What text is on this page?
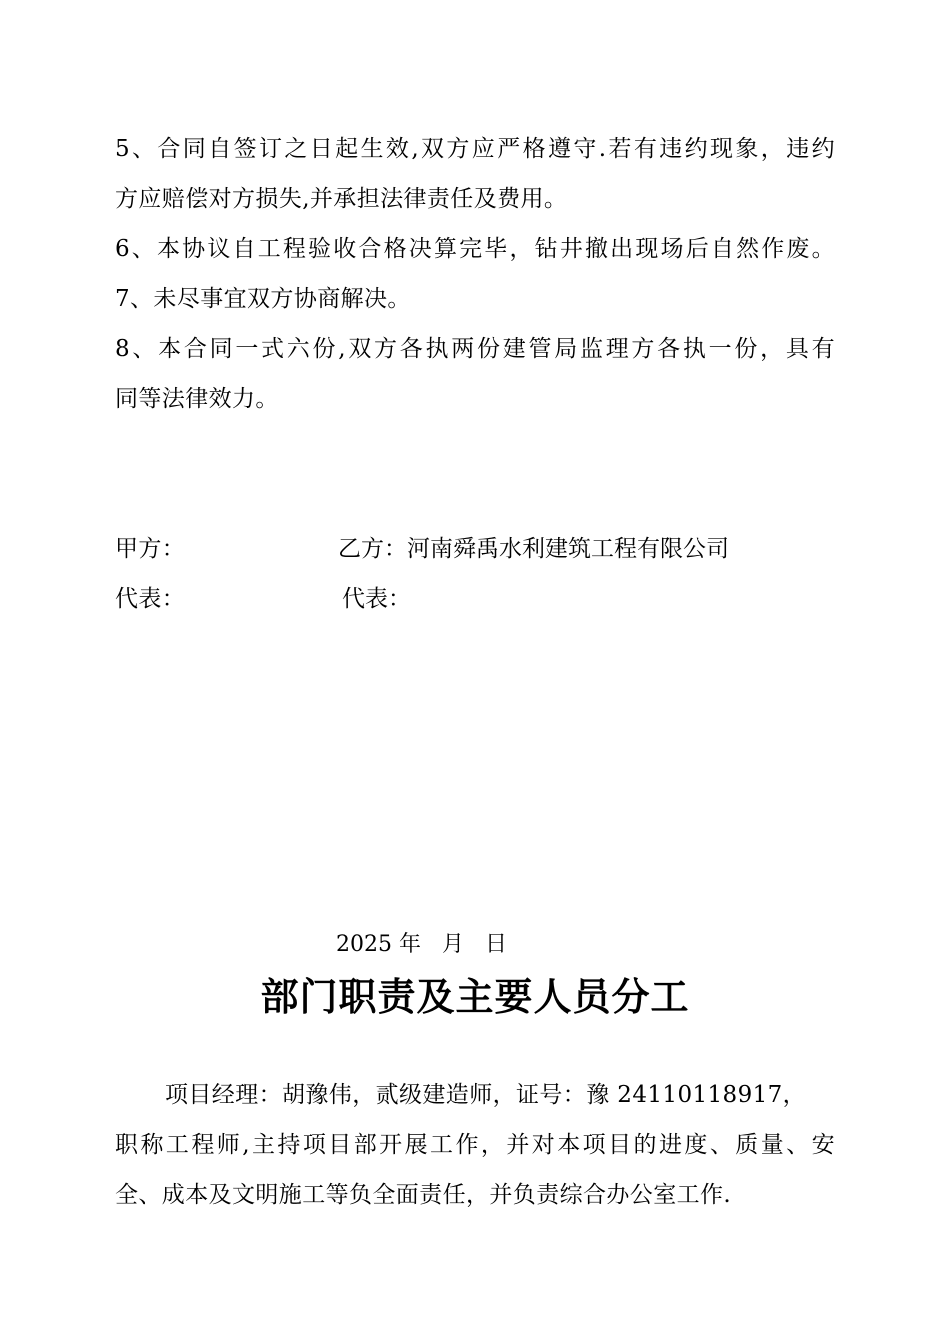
5、合同自签订之日起生效,双方应严格遵守.若有违约现象，违约
方应赔偿对方损失,并承担法律责任及费用。
6、本协议自工程验收合格决算完毕，钻井撤出现场后自然作废。
7、未尽事宜双方协商解决。
8、本合同一式六份,双方各执两份建管局监理方各执一份，具有
同等法律效力。
甲方：	乙方：河南舜禹水利建筑工程有限公司
代表：	代表：
2025 年   月   日
部门职责及主要人员分工
项目经理：胡豫伟，贰级建造师，证号：豫 24110118917，
职称工程师,主持项目部开展工作，并对本项目的进度、质量、安
全、成本及文明施工等负全面责任，并负责综合办公室工作.
